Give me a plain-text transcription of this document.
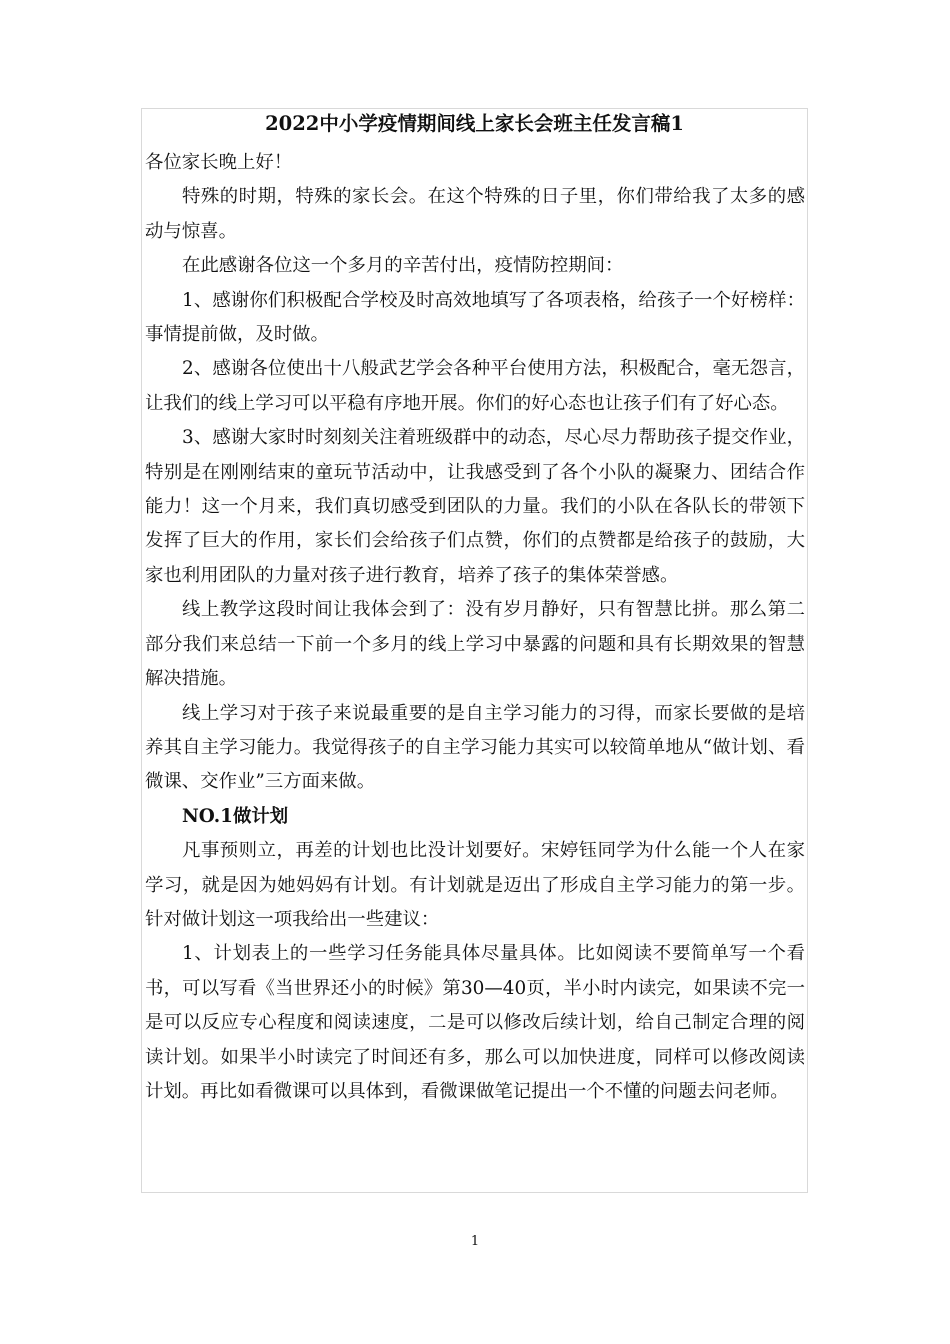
2022中小学疫情期间线上家长会班主任发言稿1

各位家长晚上好！

特殊的时期，特殊的家长会。在这个特殊的日子里，你们带给我了太多的感动与惊喜。

在此感谢各位这一个多月的辛苦付出，疫情防控期间：

1、感谢你们积极配合学校及时高效地填写了各项表格，给孩子一个好榜样：事情提前做，及时做。

2、感谢各位使出十八般武艺学会各种平台使用方法，积极配合，毫无怨言，让我们的线上学习可以平稳有序地开展。你们的好心态也让孩子们有了好心态。

3、感谢大家时时刻刻关注着班级群中的动态，尽心尽力帮助孩子提交作业，特别是在刚刚结束的童玩节活动中，让我感受到了各个小队的凝聚力、团结合作能力！这一个月来，我们真切感受到团队的力量。我们的小队在各队长的带领下发挥了巨大的作用，家长们会给孩子们点赞，你们的点赞都是给孩子的鼓励，大家也利用团队的力量对孩子进行教育，培养了孩子的集体荣誉感。

线上教学这段时间让我体会到了：没有岁月静好，只有智慧比拼。那么第二部分我们来总结一下前一个多月的线上学习中暴露的问题和具有长期效果的智慧解决措施。

线上学习对于孩子来说最重要的是自主学习能力的习得，而家长要做的是培养其自主学习能力。我觉得孩子的自主学习能力其实可以较简单地从“做计划、看微课、交作业”三方面来做。

NO.1做计划

凡事预则立，再差的计划也比没计划要好。宋婷钰同学为什么能一个人在家学习，就是因为她妈妈有计划。有计划就是迈出了形成自主学习能力的第一步。针对做计划这一项我给出一些建议：

1、计划表上的一些学习任务能具体尽量具体。比如阅读不要简单写一个看书，可以写看《当世界还小的时候》第30—40页，半小时内读完，如果读不完一是可以反应专心程度和阅读速度，二是可以修改后续计划，给自己制定合理的阅读计划。如果半小时读完了时间还有多，那么可以加快进度，同样可以修改阅读计划。再比如看微课可以具体到，看微课做笔记提出一个不懂的问题去问老师。

1
